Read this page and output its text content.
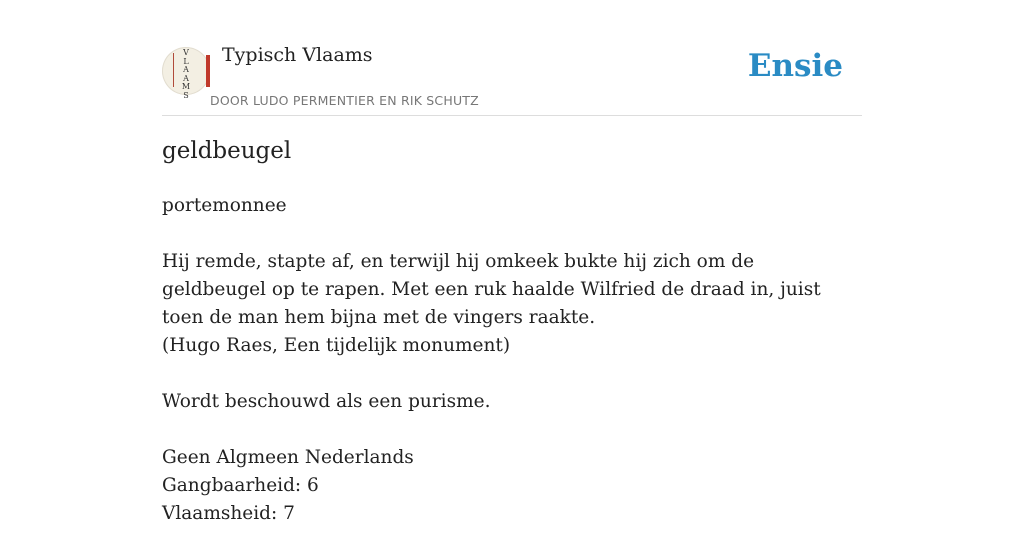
V
L
A
A
M
S
Typisch Vlaams
DOOR LUDO PERMENTIER EN RIK SCHUTZ
Ensie
geldbeugel

portemonnee

Hij remde, stapte af, en terwijl hij omkeek bukte hij zich om de geldbeugel op te rapen. Met een ruk haalde Wilfried de draad in, juist toen de man hem bijna met de vingers raakte.
(Hugo Raes, Een tijdelijk monument)

Wordt beschouwd als een purisme.

Geen Algmeen Nederlands
Gangbaarheid: 6
Vlaamsheid: 7
